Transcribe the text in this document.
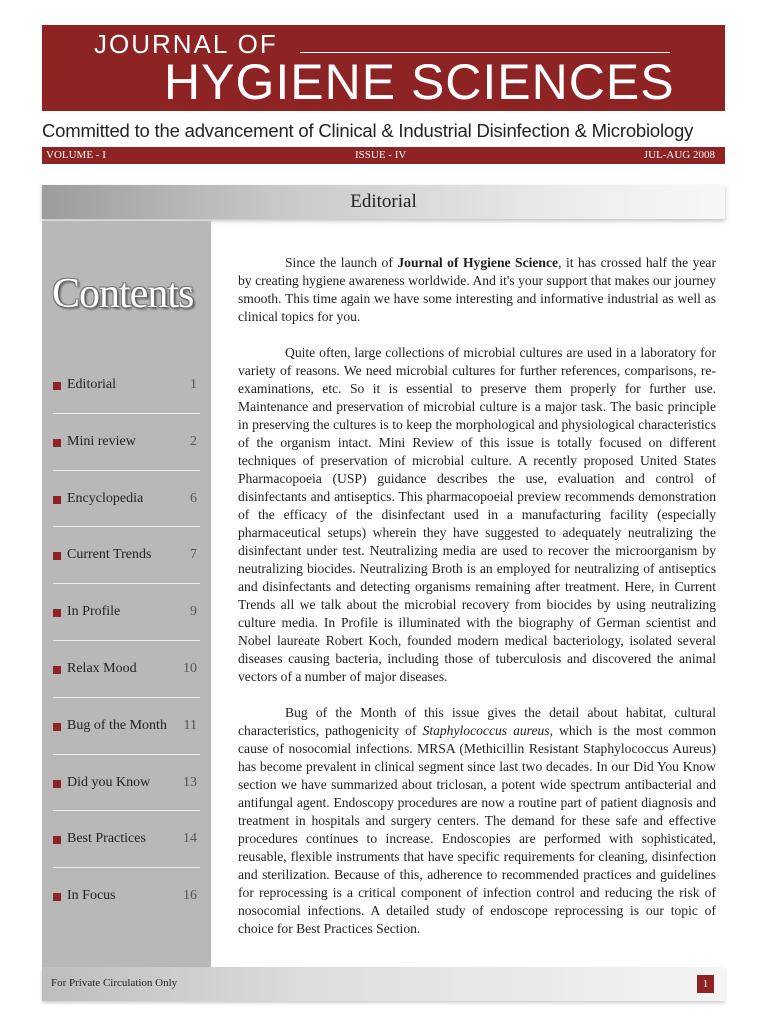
JOURNAL OF
HYGIENE SCIENCES
Committed to the advancement of Clinical & Industrial Disinfection & Microbiology
VOLUME - I	ISSUE - IV	JUL-AUG 2008
Editorial
Contents
Editorial	1
Mini review	2
Encyclopedia	6
Current Trends	7
In Profile	9
Relax Mood	10
Bug of the Month 11
Did you Know 13
Best Practices	14
In Focus	16

Since the launch of Journal of Hygiene Science, it has crossed half the year by creating hygiene awareness worldwide. And it's your support that makes our journey smooth. This time again we have some interesting and informative industrial as well as clinical topics for you.

Quite often, large collections of microbial cultures are used in a laboratory for variety of reasons. We need microbial cultures for further references, comparisons, re-examinations, etc. So it is essential to preserve them properly for further use. Maintenance and preservation of microbial culture is a major task. The basic principle in preserving the cultures is to keep the morphological and physiological characteristics of the organism intact. Mini Review of this issue is totally focused on different techniques of preservation of microbial culture. A recently proposed United States Pharmacopoeia (USP) guidance describes the use, evaluation and control of disinfectants and antiseptics. This pharmacopoeial preview recommends demonstration of the efficacy of the disinfectant used in a manufacturing facility (especially pharmaceutical setups) wherein they have suggested to adequately neutralizing the disinfectant under test. Neutralizing media are used to recover the microorganism by neutralizing biocides. Neutralizing Broth is an employed for neutralizing of antiseptics and disinfectants and detecting organisms remaining after treatment. Here, in Current Trends all we talk about the microbial recovery from biocides by using neutralizing culture media. In Profile is illuminated with the biography of German scientist and Nobel laureate Robert Koch, founded modern medical bacteriology, isolated several diseases causing bacteria, including those of tuberculosis and discovered the animal vectors of a number of major diseases.

Bug of the Month of this issue gives the detail about habitat, cultural characteristics, pathogenicity of Staphylococcus aureus, which is the most common cause of nosocomial infections. MRSA (Methicillin Resistant Staphylococcus Aureus) has become prevalent in clinical segment since last two decades. In our Did You Know section we have summarized about triclosan, a potent wide spectrum antibacterial and antifungal agent. Endoscopy procedures are now a routine part of patient diagnosis and treatment in hospitals and surgery centers. The demand for these safe and effective procedures continues to increase. Endoscopies are performed with sophisticated, reusable, flexible instruments that have specific requirements for cleaning, disinfection and sterilization. Because of this, adherence to recommended practices and guidelines for reprocessing is a critical component of infection control and reducing the risk of nosocomial infections. A detailed study of endoscope reprocessing is our topic of choice for Best Practices Section.

For Private Circulation Only	1
